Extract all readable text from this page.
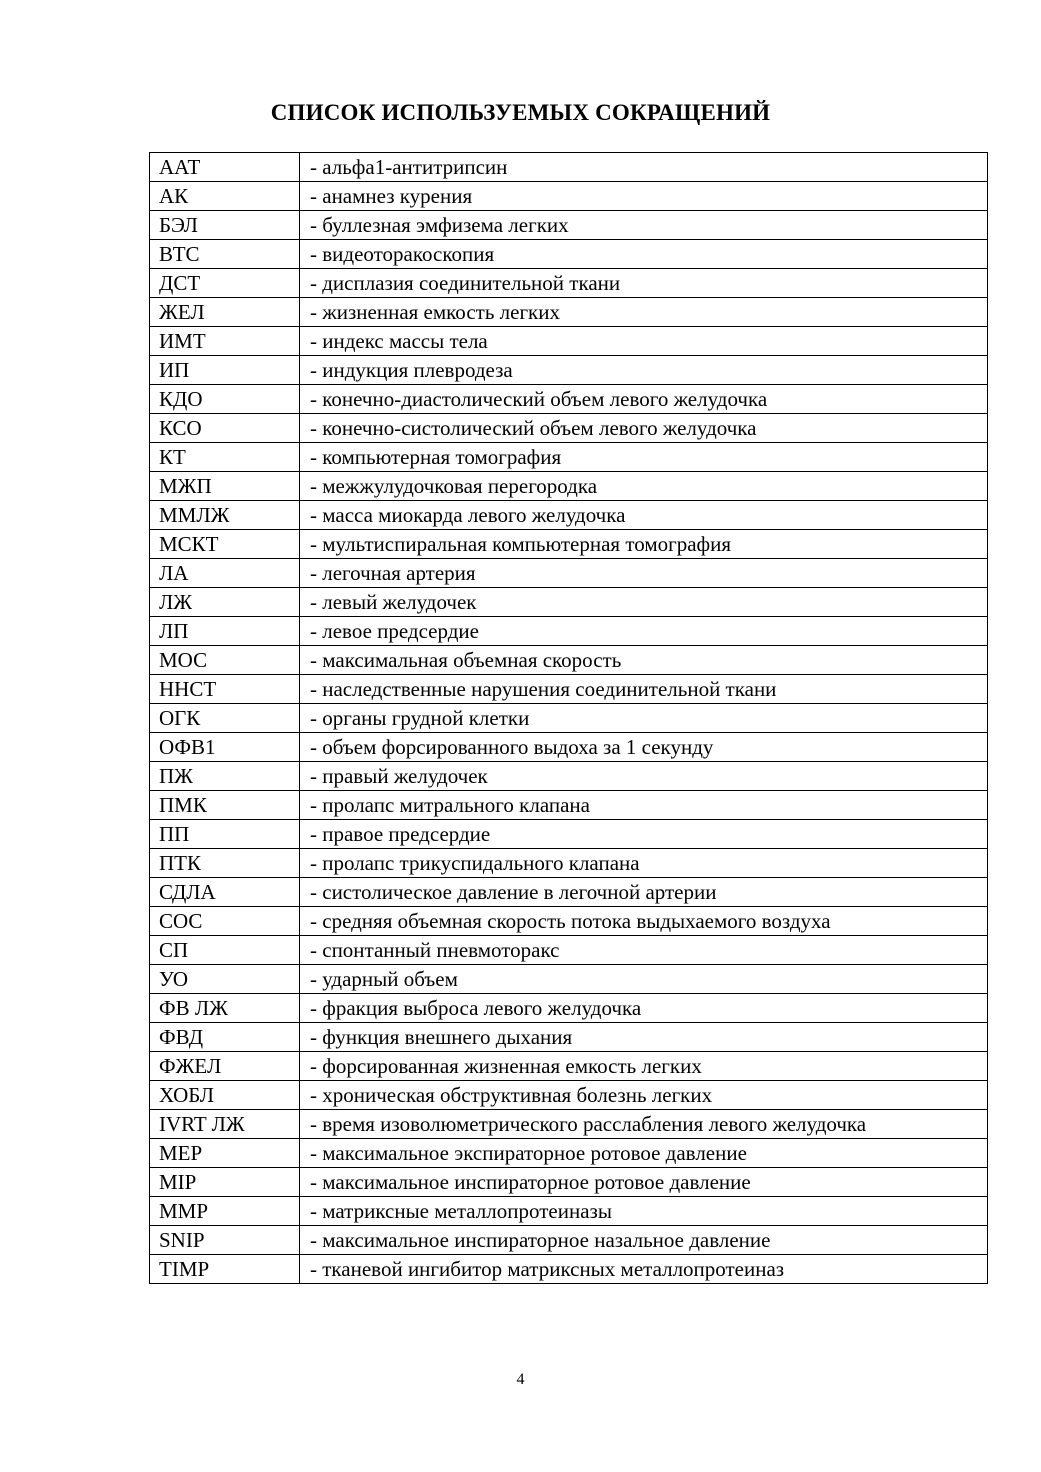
СПИСОК ИСПОЛЬЗУЕМЫХ СОКРАЩЕНИЙ
ААТ	- альфа1-антитрипсин
АК	- анамнез курения
БЭЛ	- буллезная эмфизема легких
ВТС	- видеоторакоскопия
ДСТ	- дисплазия соединительной ткани
ЖЕЛ	- жизненная емкость легких
ИМТ	- индекс массы тела
ИП	- индукция плевродеза
КДО	- конечно-диастолический объем левого желудочка
КСО	- конечно-систолический объем левого желудочка
КТ	- компьютерная томография
МЖП	- межжулудочковая перегородка
ММЛЖ	- масса миокарда левого желудочка
МСКТ	- мультиспиральная компьютерная томография
ЛА	- легочная артерия
ЛЖ	- левый желудочек
ЛП	- левое предсердие
МОС	- максимальная объемная скорость
ННСТ	- наследственные нарушения соединительной ткани
ОГК	- органы грудной клетки
ОФВ1	- объем форсированного выдоха за 1 секунду
ПЖ	- правый желудочек
ПМК	- пролапс митрального клапана
ПП	- правое предсердие
ПТК	- пролапс трикуспидального клапана
СДЛА	- систолическое давление в легочной артерии
СОС	- средняя объемная скорость потока выдыхаемого воздуха
СП	- спонтанный пневмоторакс
УО	- ударный объем
ФВ ЛЖ	- фракция выброса левого желудочка
ФВД	- функция внешнего дыхания
ФЖЕЛ	- форсированная жизненная емкость легких
ХОБЛ	- хроническая обструктивная болезнь легких
IVRT ЛЖ	- время изоволюметрического расслабления левого желудочка
MEP	- максимальное экспираторное ротовое давление
MIP	- максимальное инспираторное ротовое давление
MMP	- матриксные металлопротеиназы
SNIP	- максимальное инспираторное назальное давление
TIMP	- тканевой ингибитор матриксных металлопротеиназ
4
